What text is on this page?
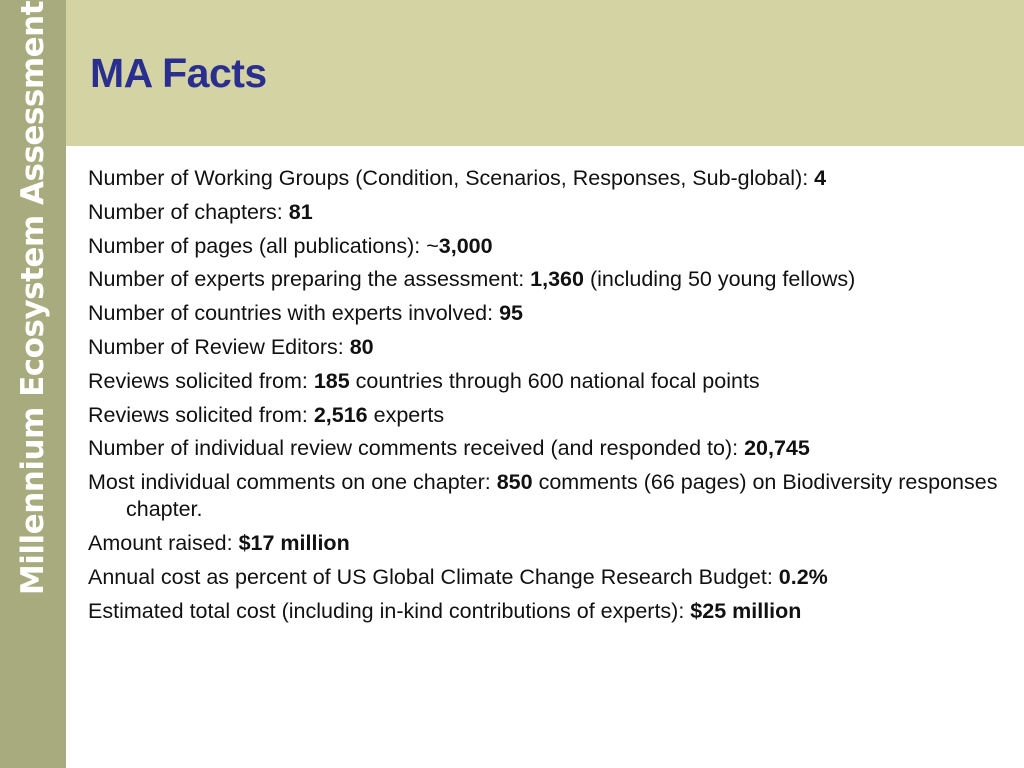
Millennium Ecosystem Assessment MA Facts
Number of Working Groups (Condition, Scenarios, Responses, Sub-global): 4
Number of chapters: 81
Number of pages (all publications): ~3,000
Number of experts preparing the assessment: 1,360 (including 50 young fellows)
Number of countries with experts involved: 95
Number of Review Editors: 80
Reviews solicited from: 185 countries through 600 national focal points
Reviews solicited from: 2,516 experts
Number of individual review comments received (and responded to): 20,745
Most individual comments on one chapter: 850 comments (66 pages) on Biodiversity responses chapter.
Amount raised: $17 million
Annual cost as percent of US Global Climate Change Research Budget: 0.2%
Estimated total cost (including in-kind contributions of experts): $25 million
